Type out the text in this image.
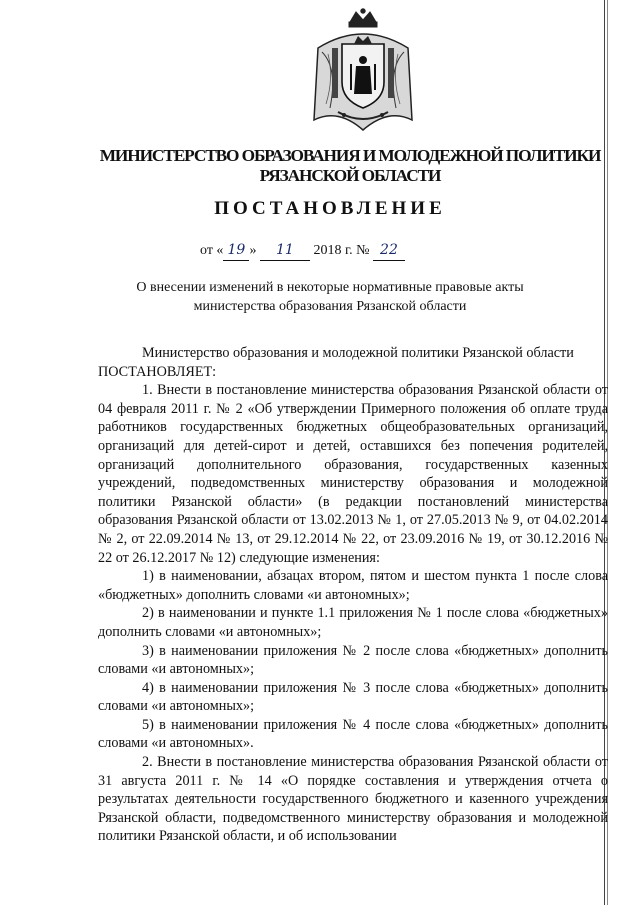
МИНИСТЕРСТВО ОБРАЗОВАНИЯ И МОЛОДЕЖНОЙ ПОЛИТИКИ
РЯЗАНСКОЙ ОБЛАСТИ
ПОСТАНОВЛЕНИЕ
от « 19 » 11 2018 г. № 22
О внесении изменений в некоторые нормативные правовые акты
министерства образования Рязанской области

Министерство образования и молодежной политики Рязанской области

ПОСТАНОВЛЯЕТ:

1. Внести в постановление министерства образования Рязанской области от 04 февраля 2011 г. № 2 «Об утверждении Примерного положения об оплате труда работников государственных бюджетных общеобразовательных организаций, организаций для детей-сирот и детей, оставшихся без попечения родителей, организаций дополнительного образования, государственных казенных учреждений, подведомственных министерству образования и молодежной политики Рязанской области» (в редакции постановлений министерства образования Рязанской области от 13.02.2013 № 1, от 27.05.2013 № 9, от 04.02.2014 № 2, от 22.09.2014 № 13, от 29.12.2014 № 22, от 23.09.2016 № 19, от 30.12.2016 № 22 от 26.12.2017 № 12) следующие изменения:

1) в наименовании, абзацах втором, пятом и шестом пункта 1 после слова «бюджетных» дополнить словами «и автономных»;

2) в наименовании и пункте 1.1 приложения № 1 после слова «бюджетных» дополнить словами «и автономных»;

3) в наименовании приложения № 2 после слова «бюджетных» дополнить словами «и автономных»;

4) в наименовании приложения № 3 после слова «бюджетных» дополнить словами «и автономных»;

5) в наименовании приложения № 4 после слова «бюджетных» дополнить словами «и автономных».

2. Внести в постановление министерства образования Рязанской области от 31 августа 2011 г. № 14 «О порядке составления и утверждения отчета о результатах деятельности государственного бюджетного и казенного учреждения Рязанской области, подведомственного министерству образования и молодежной политики Рязанской области, и об использовании
